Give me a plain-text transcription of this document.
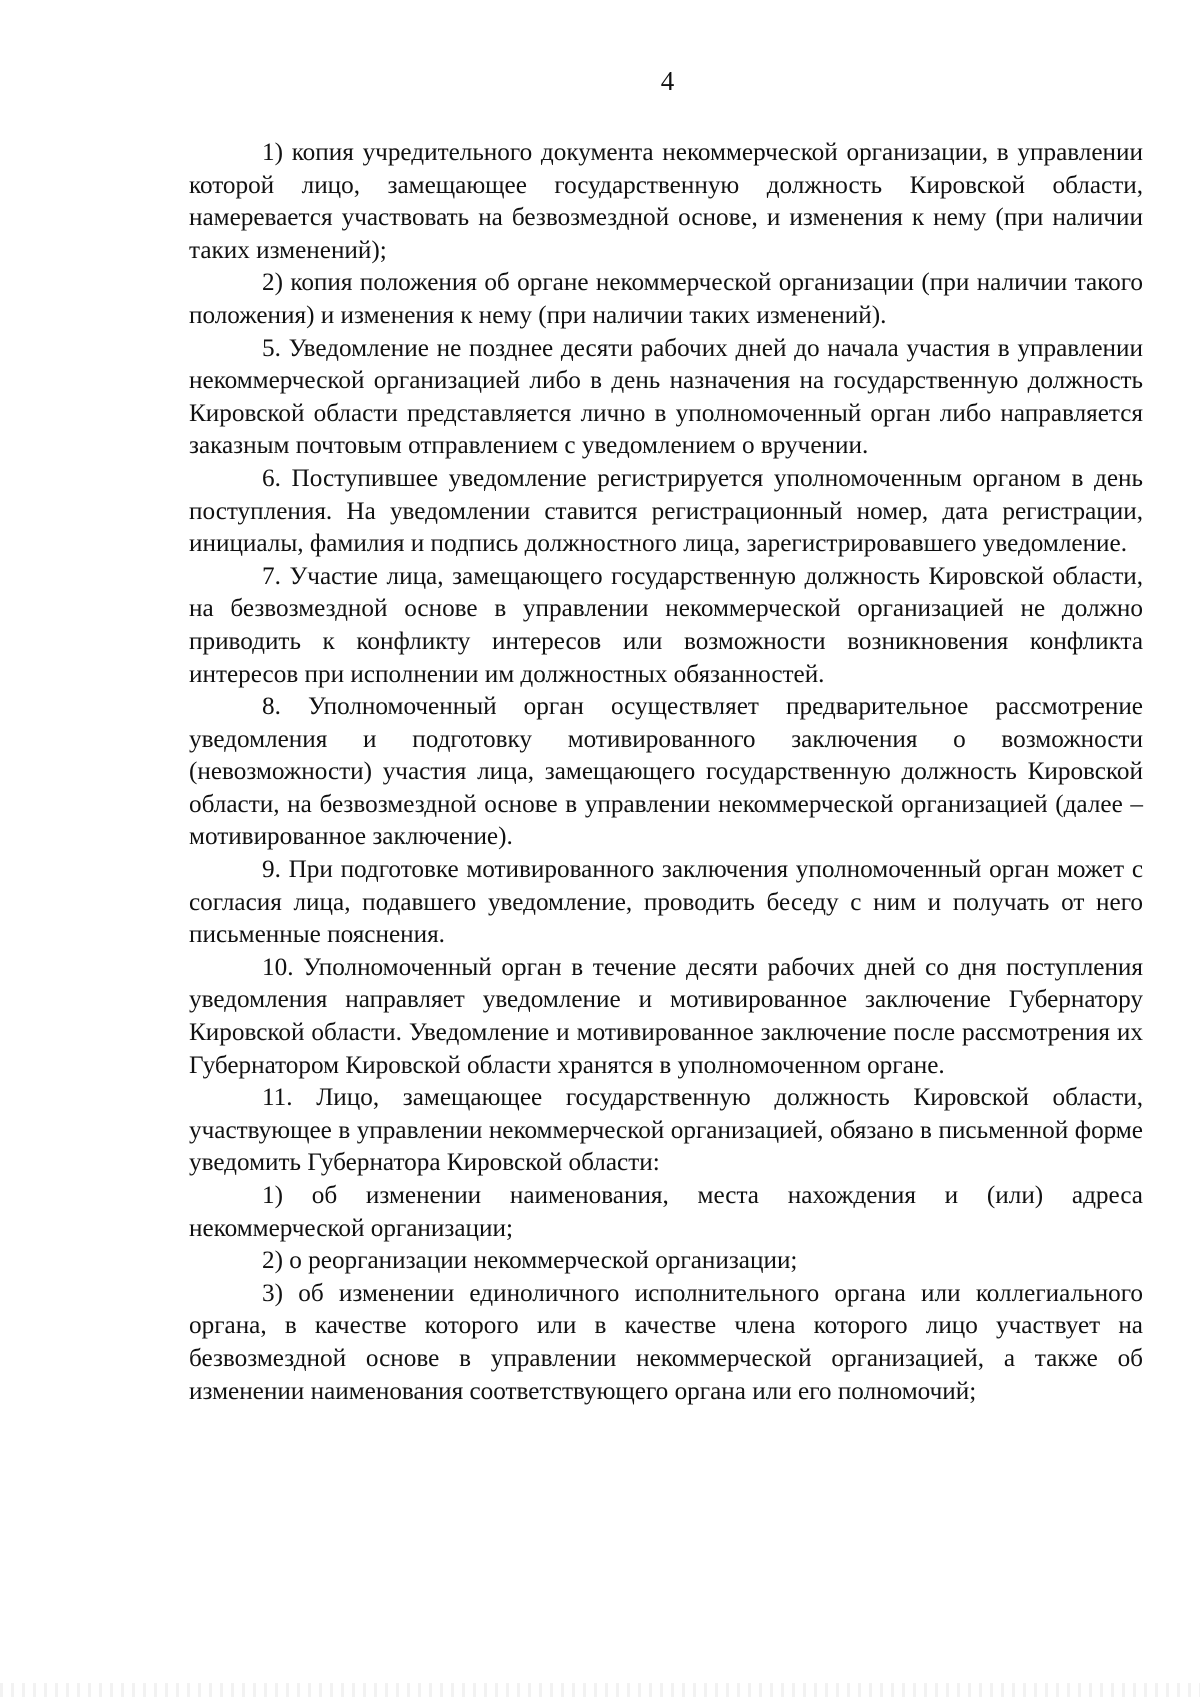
4

1) копия учредительного документа некоммерческой организации, в управлении которой лицо, замещающее государственную должность Кировской области, намеревается участвовать на безвозмездной основе, и изменения к нему (при наличии таких изменений);

2) копия положения об органе некоммерческой организации (при наличии такого положения) и изменения к нему (при наличии таких изменений).

5. Уведомление не позднее десяти рабочих дней до начала участия в управлении некоммерческой организацией либо в день назначения на государственную должность Кировской области представляется лично в уполномоченный орган либо направляется заказным почтовым отправлением с уведомлением о вручении.

6. Поступившее уведомление регистрируется уполномоченным органом в день поступления. На уведомлении ставится регистрационный номер, дата регистрации, инициалы, фамилия и подпись должностного лица, зарегистрировавшего уведомление.

7. Участие лица, замещающего государственную должность Кировской области, на безвозмездной основе в управлении некоммерческой организацией не должно приводить к конфликту интересов или возможности возникновения конфликта интересов при исполнении им должностных обязанностей.

8. Уполномоченный орган осуществляет предварительное рассмотрение уведомления и подготовку мотивированного заключения о возможности (невозможности) участия лица, замещающего государственную должность Кировской области, на безвозмездной основе в управлении некоммерческой организацией (далее – мотивированное заключение).

9. При подготовке мотивированного заключения уполномоченный орган может с согласия лица, подавшего уведомление, проводить беседу с ним и получать от него письменные пояснения.

10. Уполномоченный орган в течение десяти рабочих дней со дня поступления уведомления направляет уведомление и мотивированное заключение Губернатору Кировской области. Уведомление и мотивированное заключение после рассмотрения их Губернатором Кировской области хранятся в уполномоченном органе.

11. Лицо, замещающее государственную должность Кировской области, участвующее в управлении некоммерческой организацией, обязано в письменной форме уведомить Губернатора Кировской области:

1) об изменении наименования, места нахождения и (или) адреса некоммерческой организации;

2) о реорганизации некоммерческой организации;

3) об изменении единоличного исполнительного органа или коллегиального органа, в качестве которого или в качестве члена которого лицо участвует на безвозмездной основе в управлении некоммерческой организацией, а также об изменении наименования соответствующего органа или его полномочий;
